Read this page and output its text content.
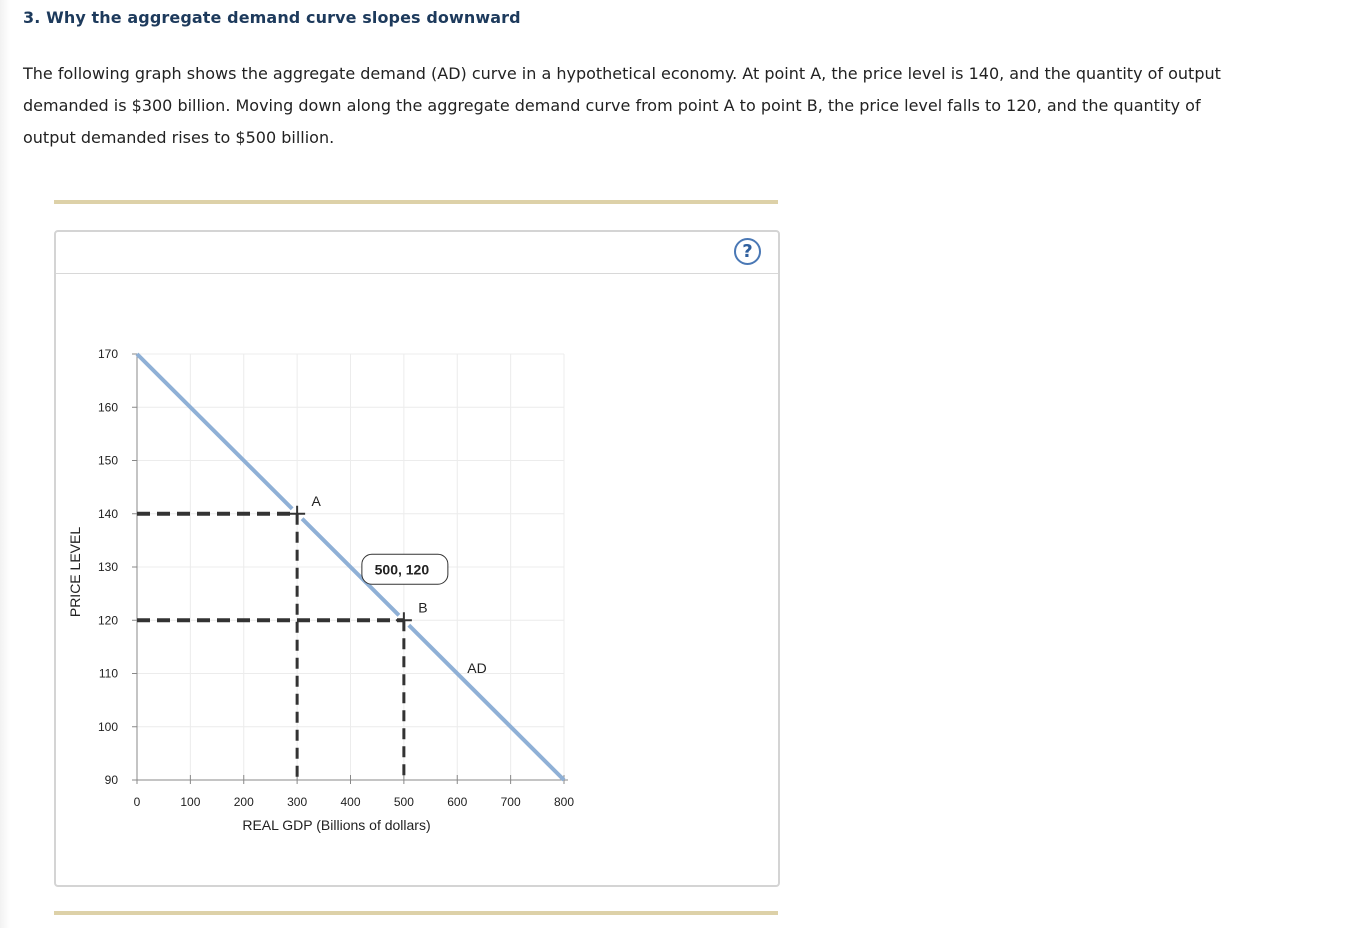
3. Why the aggregate demand curve slopes downward

The following graph shows the aggregate demand (AD) curve in a hypothetical economy. At point A, the price level is 140, and the quantity of output demanded is $300 billion. Moving down along the aggregate demand curve from point A to point B, the price level falls to 120, and the quantity of output demanded rises to $500 billion.

?
90
100
110
120
130
140
150
160
170
0	100	200	300	400	500	600	700	800
REAL GDP (Billions of dollars)
PRICE LEVEL
A
B
AD
500, 120
